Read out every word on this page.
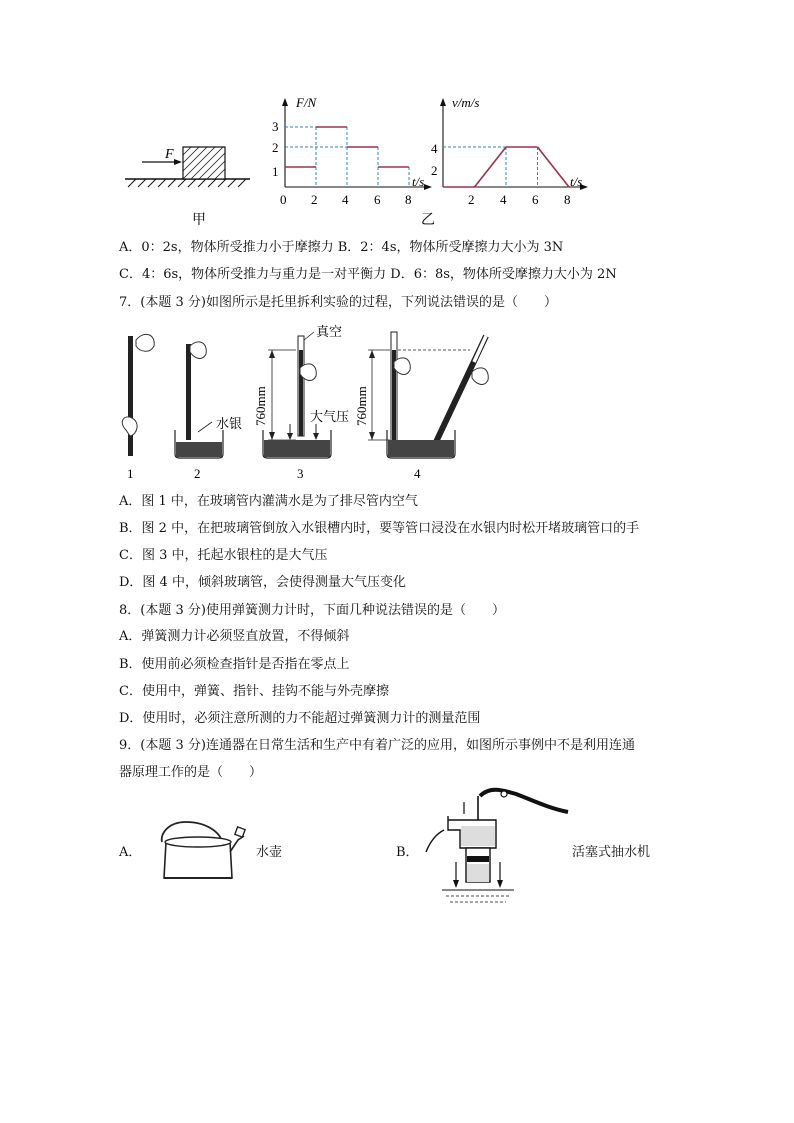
F
甲
F/N
t/s
1
2
3
0 2 4 6 8
v/m/s
t/s
2
4
2 4 6 8
乙
A．0：2s，物体所受推力小于摩擦力 B．2：4s，物体所受摩擦力大小为 3N
C．4：6s，物体所受推力与重力是一对平衡力 D．6：8s，物体所受摩擦力大小为 2N
7．(本题 3 分)如图所示是托里拆利实验的过程，下列说法错误的是（　　）
1
水银
2
真空
760mm	大气压
3
760mm
4
A．图 1 中，在玻璃管内灌满水是为了排尽管内空气
B．图 2 中，在把玻璃管倒放入水银槽内时，要等管口浸没在水银内时松开堵玻璃管口的手
C．图 3 中，托起水银柱的是大气压
D．图 4 中，倾斜玻璃管，会使得测量大气压变化
8．(本题 3 分)使用弹簧测力计时，下面几种说法错误的是（　　）
A．弹簧测力计必须竖直放置，不得倾斜
B．使用前必须检查指针是否指在零点上
C．使用中，弹簧、指针、挂钩不能与外壳摩擦
D．使用时，必须注意所测的力不能超过弹簧测力计的测量范围
9．(本题 3 分)连通器在日常生活和生产中有着广泛的应用，如图所示事例中不是利用连通
器原理工作的是（　　）
A．	水壶	B．	活塞式抽水机
